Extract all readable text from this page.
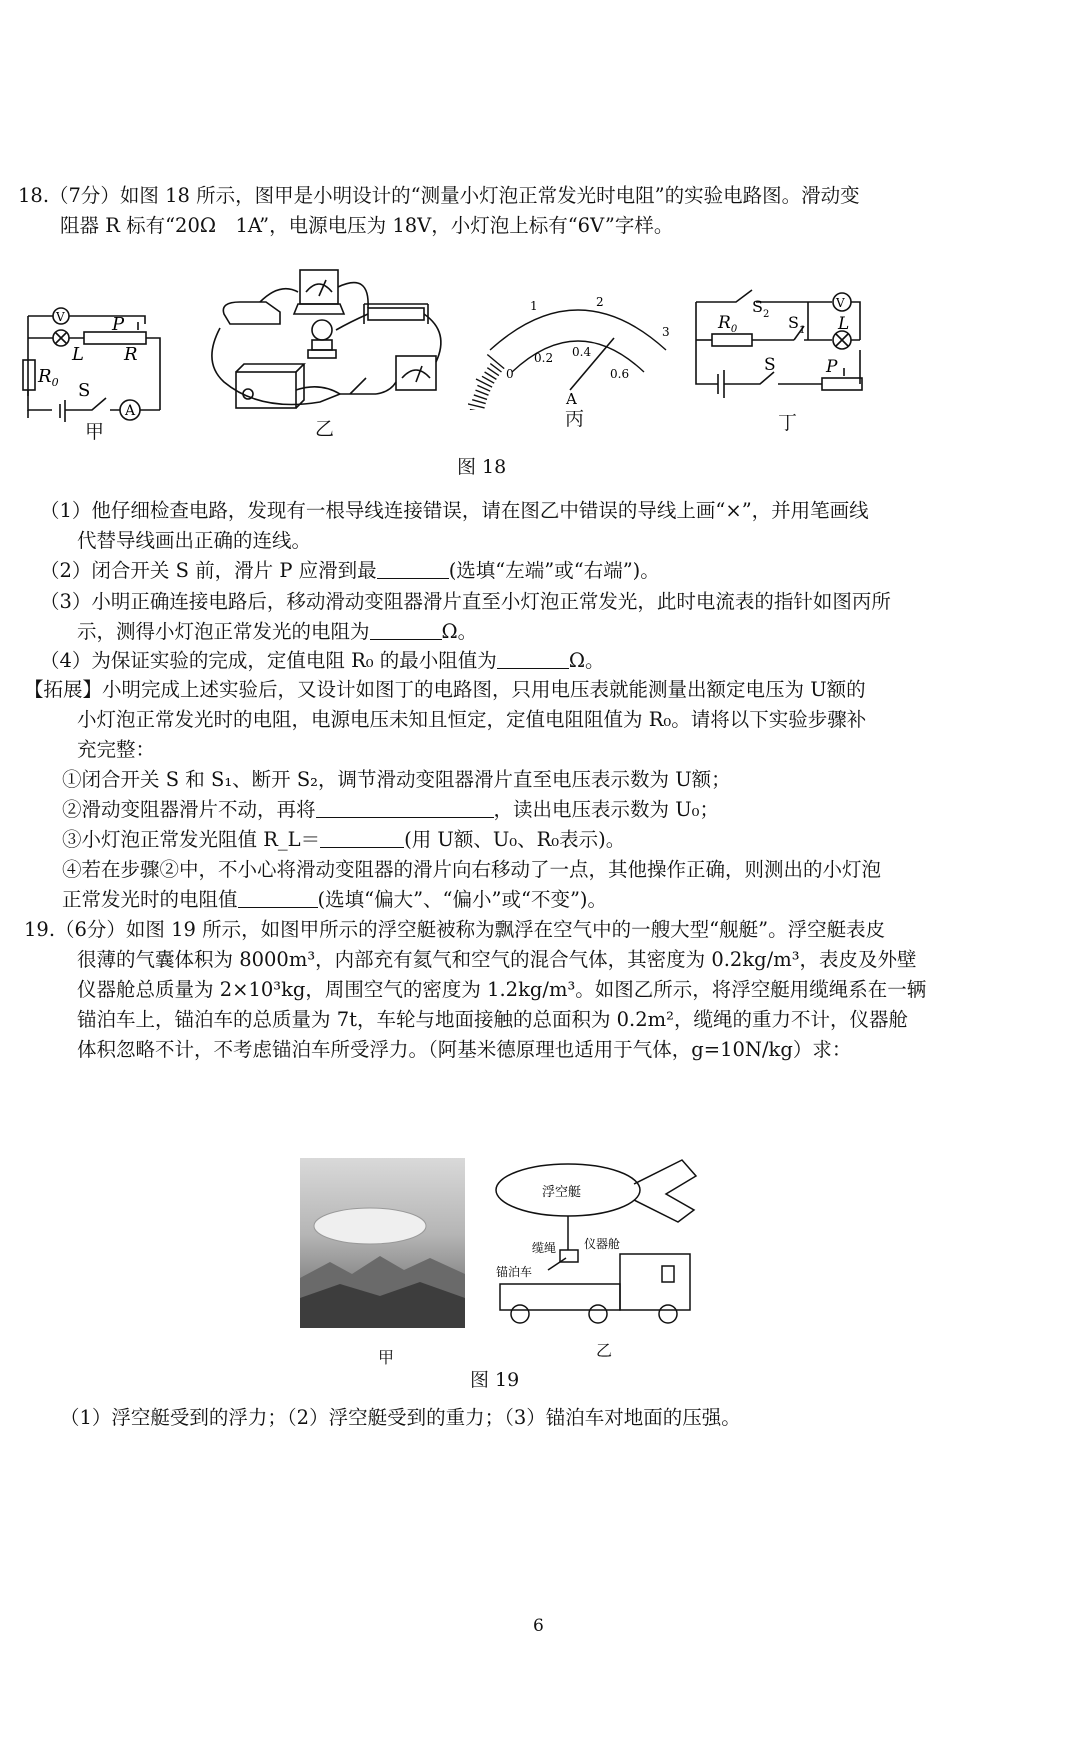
18.（7分）如图 18 所示，图甲是小明设计的“测量小灯泡正常发光时电阻”的实验电路图。滑动变
阻器 R 标有“20Ω　1A”，电源电压为 18V，小灯泡上标有“6V”字样。
V
A
P
L R
$R_0$ S
甲	乙
1	2
3
0
0.2 0.4
0.6
A
丙
$R_0$
$S_2$ $S_1$
V
L
S	P
丁
图 18
（1）他仔细检查电路，发现有一根导线连接错误，请在图乙中错误的导线上画“×”，并用笔画线
代替导线画出正确的连线。
（2）闭合开关 S 前，滑片 P 应滑到最	(选填“左端”或“右端”)。
（3）小明正确连接电路后，移动滑动变阻器滑片直至小灯泡正常发光，此时电流表的指针如图丙所
示，测得小灯泡正常发光的电阻为	Ω。
（4）为保证实验的完成，定值电阻 R₀ 的最小阻值为	Ω。
【拓展】小明完成上述实验后，又设计如图丁的电路图，只用电压表就能测量出额定电压为 U额的
小灯泡正常发光时的电阻，电源电压未知且恒定，定值电阻阻值为 R₀。请将以下实验步骤补
充完整：
①闭合开关 S 和 S₁、断开 S₂，调节滑动变阻器滑片直至电压表示数为 U额；
②滑动变阻器滑片不动，再将	，读出电压表示数为 U₀；
③小灯泡正常发光阻值 R_L＝	(用 U额、U₀、R₀表示)。
④若在步骤②中，不小心将滑动变阻器的滑片向右移动了一点，其他操作正确，则测出的小灯泡
正常发光时的电阻值	(选填“偏大”、“偏小”或“不变”)。
19.（6分）如图 19 所示，如图甲所示的浮空艇被称为飘浮在空气中的一艘大型“舰艇”。浮空艇表皮
很薄的气囊体积为 8000m³，内部充有氦气和空气的混合气体，其密度为 0.2kg/m³，表皮及外壁
仪器舱总质量为 2×10³kg，周围空气的密度为 1.2kg/m³。如图乙所示，将浮空艇用缆绳系在一辆
锚泊车上，锚泊车的总质量为 7t，车轮与地面接触的总面积为 0.2m²，缆绳的重力不计，仪器舱
体积忽略不计，不考虑锚泊车所受浮力。（阿基米德原理也适用于气体，g=10N/kg）求：
甲
浮空艇
仪器舱
缆绳
锚泊车
乙
图 19
（1）浮空艇受到的浮力；（2）浮空艇受到的重力；（3）锚泊车对地面的压强。
6
